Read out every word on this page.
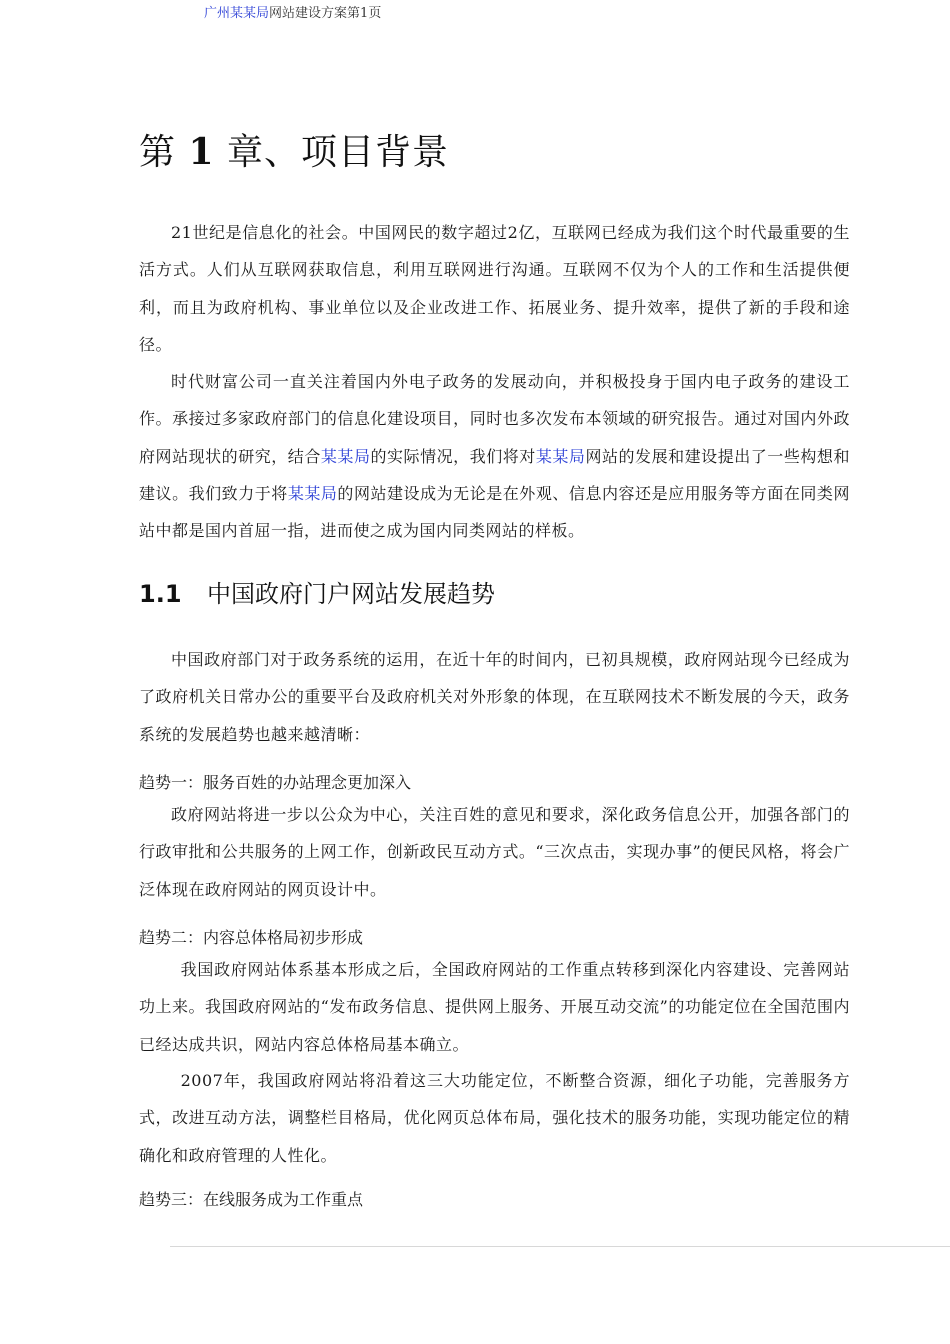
广州某某局网站建设方案第1页
第 1 章、项目背景

21世纪是信息化的社会。中国网民的数字超过2亿，互联网已经成为我们这个时代最重要的生活方式。人们从互联网获取信息，利用互联网进行沟通。互联网不仅为个人的工作和生活提供便利，而且为政府机构、事业单位以及企业改进工作、拓展业务、提升效率，提供了新的手段和途径。

时代财富公司一直关注着国内外电子政务的发展动向，并积极投身于国内电子政务的建设工作。承接过多家政府部门的信息化建设项目，同时也多次发布本领域的研究报告。通过对国内外政府网站现状的研究，结合某某局的实际情况，我们将对某某局网站的发展和建设提出了一些构想和建议。我们致力于将某某局的网站建设成为无论是在外观、信息内容还是应用服务等方面在同类网站中都是国内首屈一指，进而使之成为国内同类网站的样板。

1.1 中国政府门户网站发展趋势

中国政府部门对于政务系统的运用，在近十年的时间内，已初具规模，政府网站现今已经成为了政府机关日常办公的重要平台及政府机关对外形象的体现，在互联网技术不断发展的今天，政务系统的发展趋势也越来越清晰：

趋势一：服务百姓的办站理念更加深入

政府网站将进一步以公众为中心，关注百姓的意见和要求，深化政务信息公开，加强各部门的行政审批和公共服务的上网工作，创新政民互动方式。“三次点击，实现办事”的便民风格，将会广泛体现在政府网站的网页设计中。

趋势二：内容总体格局初步形成

我国政府网站体系基本形成之后，全国政府网站的工作重点转移到深化内容建设、完善网站功上来。我国政府网站的“发布政务信息、提供网上服务、开展互动交流”的功能定位在全国范围内已经达成共识，网站内容总体格局基本确立。

2007年，我国政府网站将沿着这三大功能定位，不断整合资源，细化子功能，完善服务方式，改进互动方法，调整栏目格局，优化网页总体布局，强化技术的服务功能，实现功能定位的精确化和政府管理的人性化。

趋势三：在线服务成为工作重点
